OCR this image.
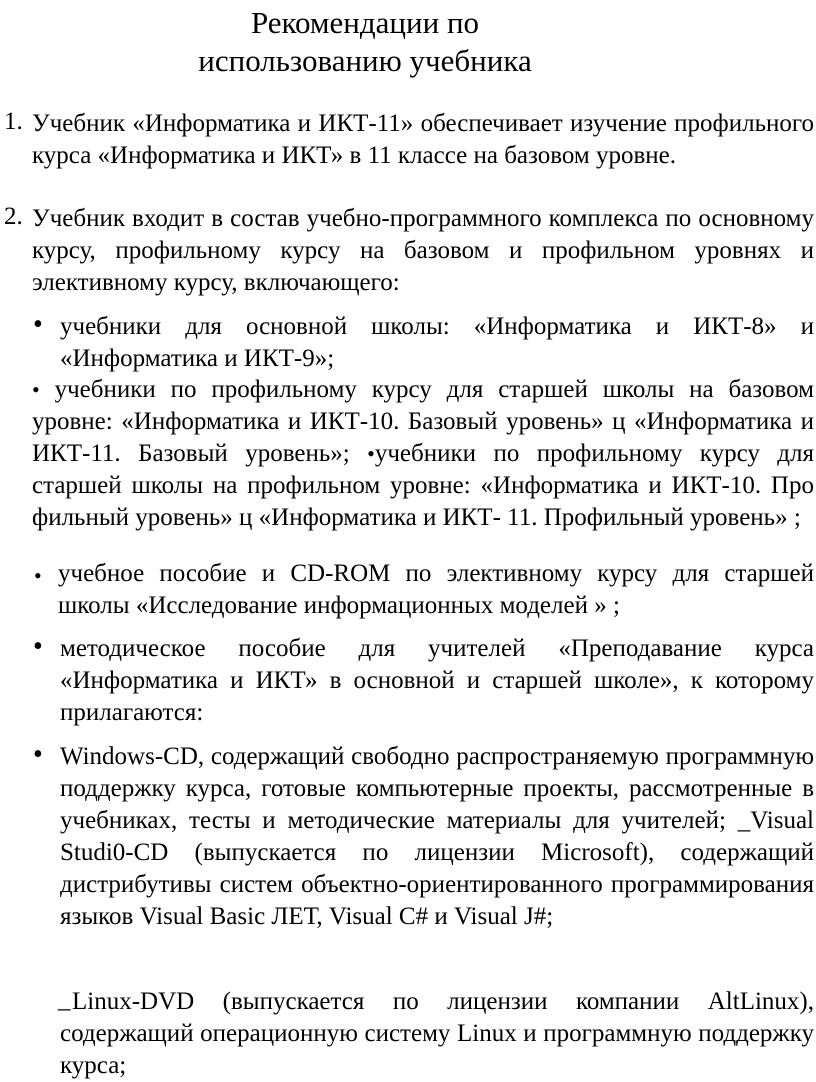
Рекомендации по
использованию учебника
1. Учебник «Информатика и ИКТ-11» обеспечивает изучение профильного курса «Информатика и ИКТ» в 11 классе на базовом уровне.
2. Учебник входит в состав учебно-программного комплекса по основному курсу, профильному курсу на базовом и профильном уровнях и элективному курсу, включающего:
• учебники для основной школы: «Информатика и ИКТ-8» и «Информатика и ИКТ-9»;
• учебники по профильному курсу для старшей школы на базовом уровне: «Информатика и ИКТ-10. Базовый уровень» ц «Информатика и ИКТ-11. Базовый уровень»; •учебники по профильному курсу для старшей школы на профильном уровне: «Информатика и ИКТ-10. Про фильный уровень» ц «Информатика и ИКТ- 11. Профильный уровень» ;
• учебное пособие и CD-ROM по элективному курсу для старшей школы «Исследование информационных моделей » ;
• методическое пособие для учителей «Преподавание курса «Информатика и ИКТ» в основной и старшей школе», к которому прилагаются:
• Windows-CD, содержащий свободно распространяемую программную поддержку курса, готовые компьютерные проекты, рассмотренные в учебниках, тесты и методические материалы для учителей; _Visual Studi0-CD (выпускается по лицензии Microsoft), содержащий дистрибутивы систем объектно-ориентированного программирования языков Visual Basic ЛЕТ, Visual C# и Visual J#;
_ Linux-DVD (выпускается по лицензии компании AltLinux), содержащий операционную систему Linux и программную поддержку курса;
